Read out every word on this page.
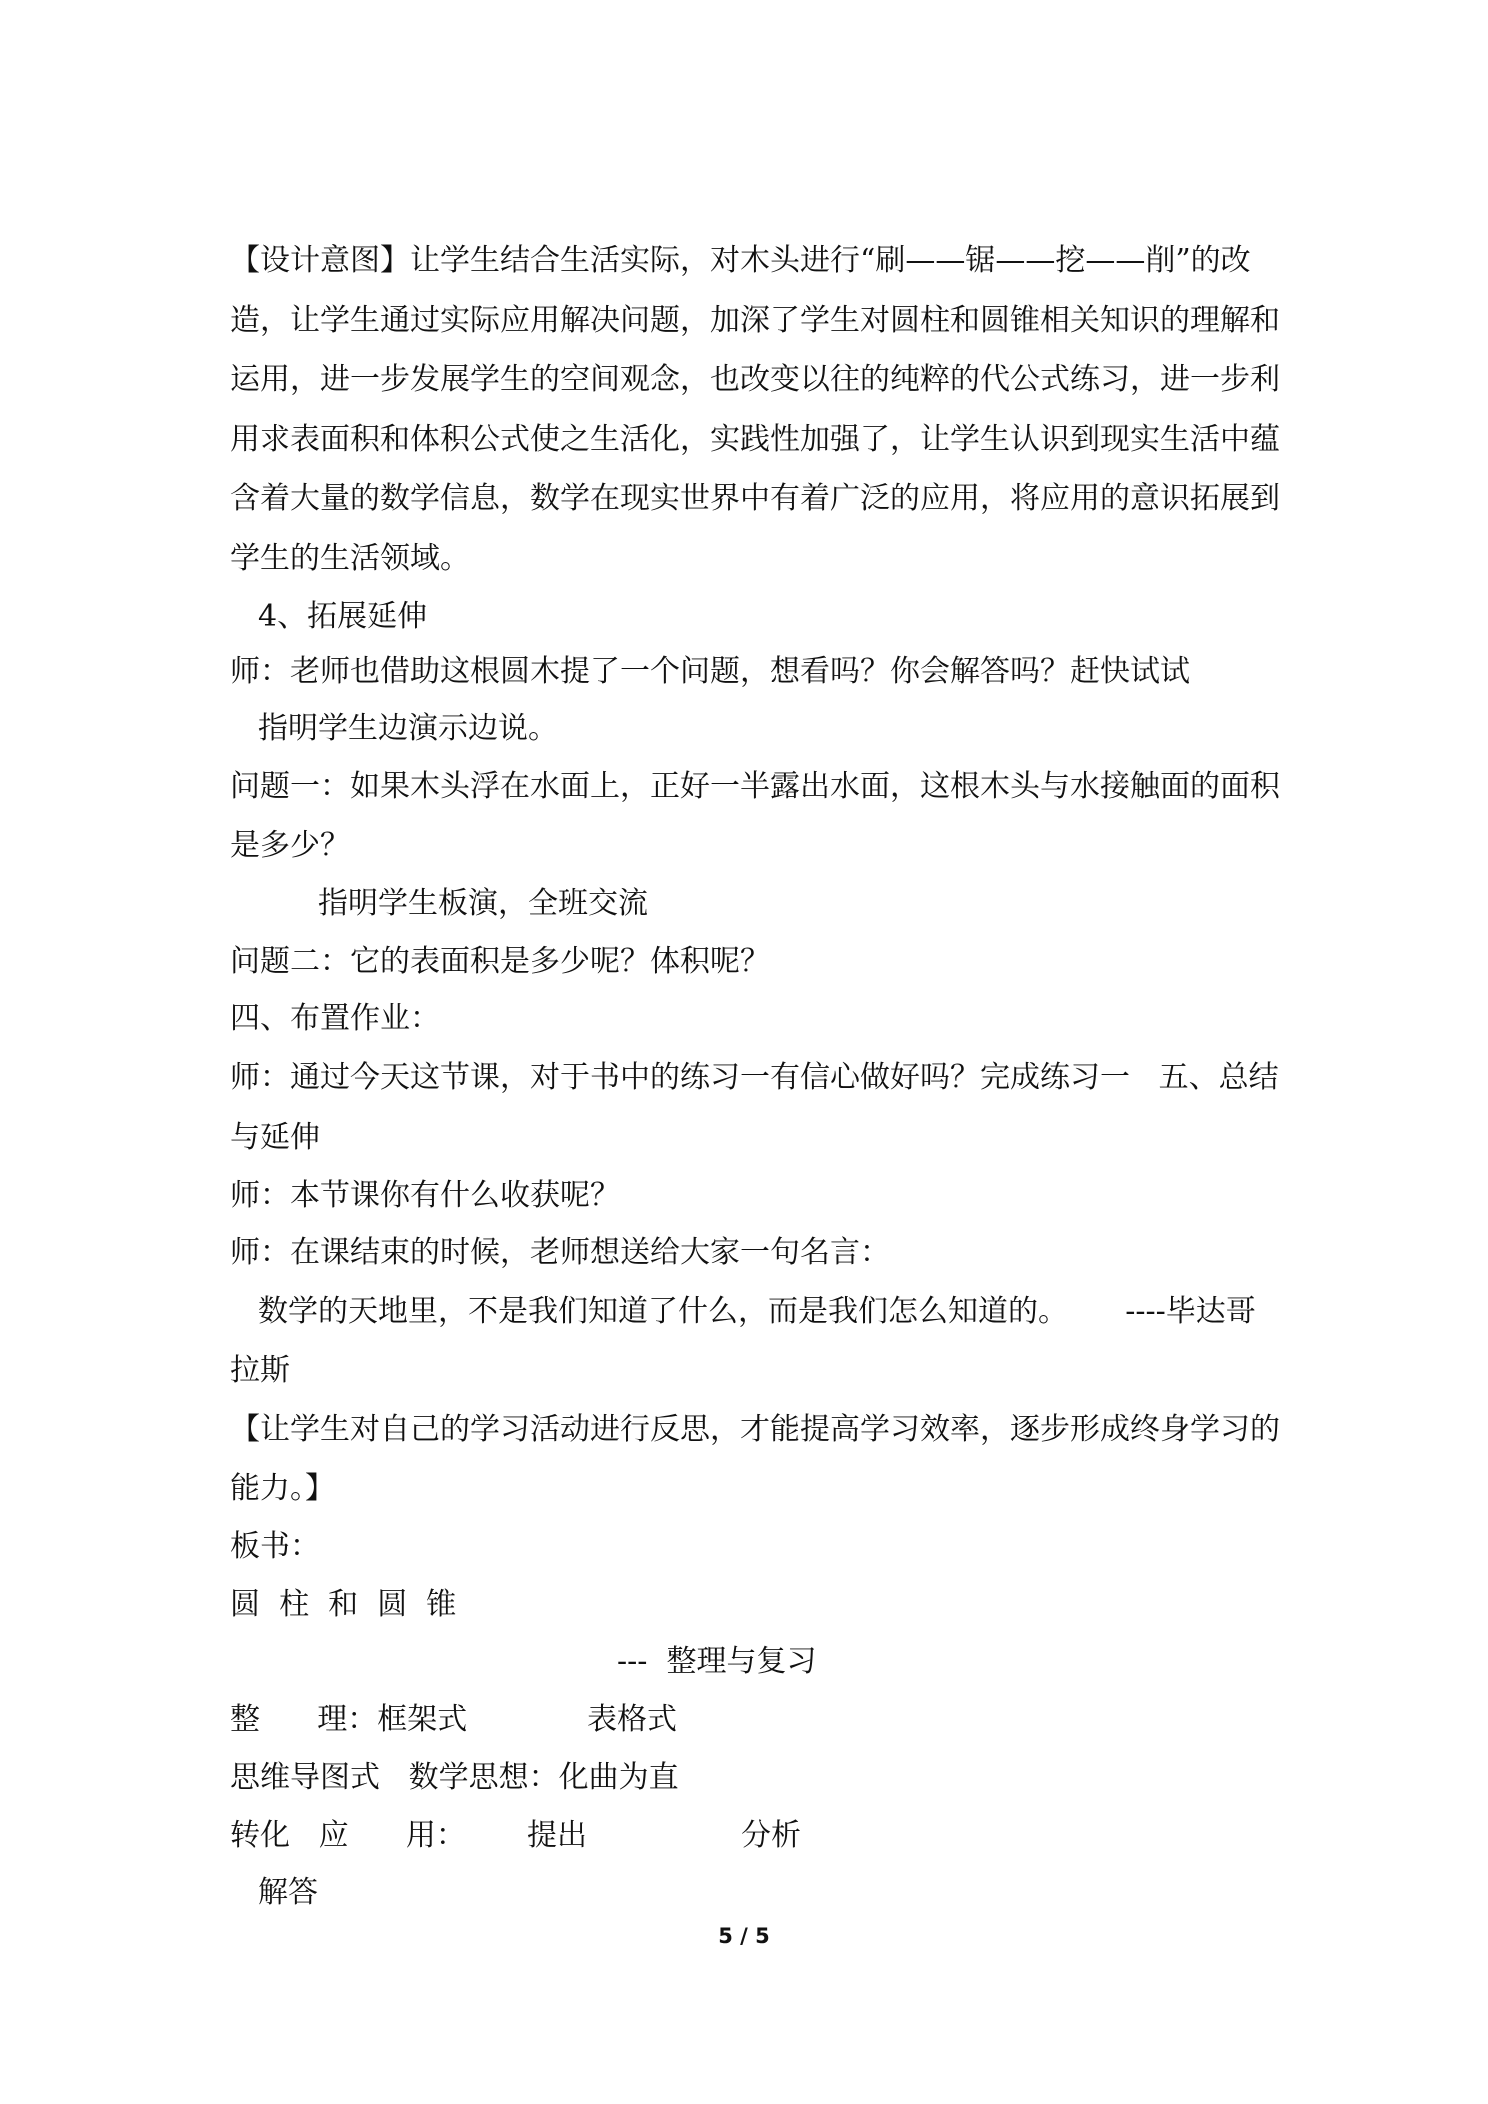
【设计意图】让学生结合生活实际，对木头进行“刷——锯——挖——削”的改
造，让学生通过实际应用解决问题，加深了学生对圆柱和圆锥相关知识的理解和
运用，进一步发展学生的空间观念，也改变以往的纯粹的代公式练习，进一步利
用求表面积和体积公式使之生活化，实践性加强了，让学生认识到现实生活中蕴
含着大量的数学信息，数学在现实世界中有着广泛的应用，将应用的意识拓展到
学生的生活领域。
4、拓展延伸
师：老师也借助这根圆木提了一个问题，想看吗？你会解答吗？赶快试试
指明学生边演示边说。
问题一：如果木头浮在水面上，正好一半露出水面，这根木头与水接触面的面积
是多少？
指明学生板演，全班交流
问题二：它的表面积是多少呢？体积呢？
四、布置作业：
师：通过今天这节课，对于书中的练习一有信心做好吗？完成练习一   五、总结
与延伸
师：本节课你有什么收获呢？
师：在课结束的时候，老师想送给大家一句名言：
数学的天地里，不是我们知道了什么，而是我们怎么知道的。      ----毕达哥
拉斯
【让学生对自己的学习活动进行反思，才能提高学习效率，逐步形成终身学习的
能力。】
板书：
圆  柱  和  圆  锥
---  整理与复习
整      理：框架式	表格式
思维导图式   数学思想：化曲为直
转化   应      用： 提出	分析
解答
5 / 5
